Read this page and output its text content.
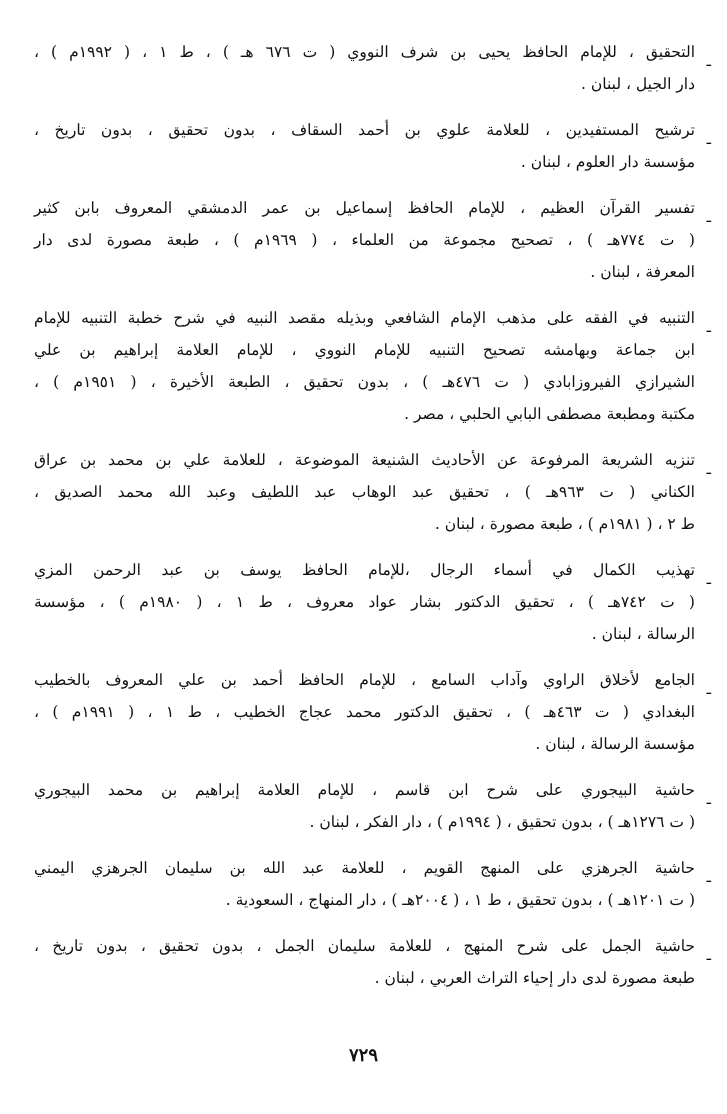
ـ
التحقيق ، للإمام الحافظ يحيى بن شرف النووي ( ت ٦٧٦ هـ ) ، ط ١ ، ( ١٩٩٢م ) ،
دار الجيل ، لبنان .
ـ
ترشيح المستفيدين ، للعلامة علوي بن أحمد السقاف ، بدون تحقيق ، بدون تاريخ ،
مؤسسة دار العلوم ، لبنان .
ـ
تفسير القرآن العظيم ، للإمام الحافظ إسماعيل بن عمر الدمشقي المعروف بابن كثير
( ت ٧٧٤هـ ) ، تصحيح مجموعة من العلماء ، ( ١٩٦٩م ) ، طبعة مصورة لدى دار
المعرفة ، لبنان .
ـ
التنبيه في الفقه على مذهب الإمام الشافعي وبذيله مقصد النبيه في شرح خطبة التنبيه للإمام
ابن جماعة وبهامشه تصحيح التنبيه للإمام النووي ، للإمام العلامة إبراهيم بن علي
الشيرازي الفيروزابادي ( ت ٤٧٦هـ ) ، بدون تحقيق ، الطبعة الأخيرة ، ( ١٩٥١م ) ،
مكتبة ومطبعة مصطفى البابي الحلبي ، مصر .
ـ
تنزيه الشريعة المرفوعة عن الأحاديث الشنيعة الموضوعة ، للعلامة علي بن محمد بن عراق
الكناني ( ت ٩٦٣هـ ) ، تحقيق عبد الوهاب عبد اللطيف وعبد الله محمد الصديق ،
ط ٢ ، ( ١٩٨١م ) ، طبعة مصورة ، لبنان .
ـ
تهذيب الكمال في أسماء الرجال ،للإمام الحافظ يوسف بن عبد الرحمن المزي
( ت ٧٤٢هـ ) ، تحقيق الدكتور بشار عواد معروف ، ط ١ ، ( ١٩٨٠م ) ، مؤسسة
الرسالة ، لبنان .
ـ
الجامع لأخلاق الراوي وآداب السامع ، للإمام الحافظ أحمد بن علي المعروف بالخطيب
البغدادي ( ت ٤٦٣هـ ) ، تحقيق الدكتور محمد عجاج الخطيب ، ط ١ ، ( ١٩٩١م ) ،
مؤسسة الرسالة ، لبنان .
ـ
حاشية البيجوري على شرح ابن قاسم ، للإمام العلامة إبراهيم بن محمد البيجوري
( ت ١٢٧٦هـ ) ، بدون تحقيق ، ( ١٩٩٤م ) ، دار الفكر ، لبنان .
ـ
حاشية الجرهزي على المنهج القويم ، للعلامة عبد الله بن سليمان الجرهزي اليمني
( ت ١٢٠١هـ ) ، بدون تحقيق ، ط ١ ، ( ٢٠٠٤هـ ) ، دار المنهاج ، السعودية .
ـ
حاشية الجمل على شرح المنهج ، للعلامة سليمان الجمل ، بدون تحقيق ، بدون تاريخ ،
طبعة مصورة لدى دار إحياء التراث العربي ، لبنان .
٧٢٩
